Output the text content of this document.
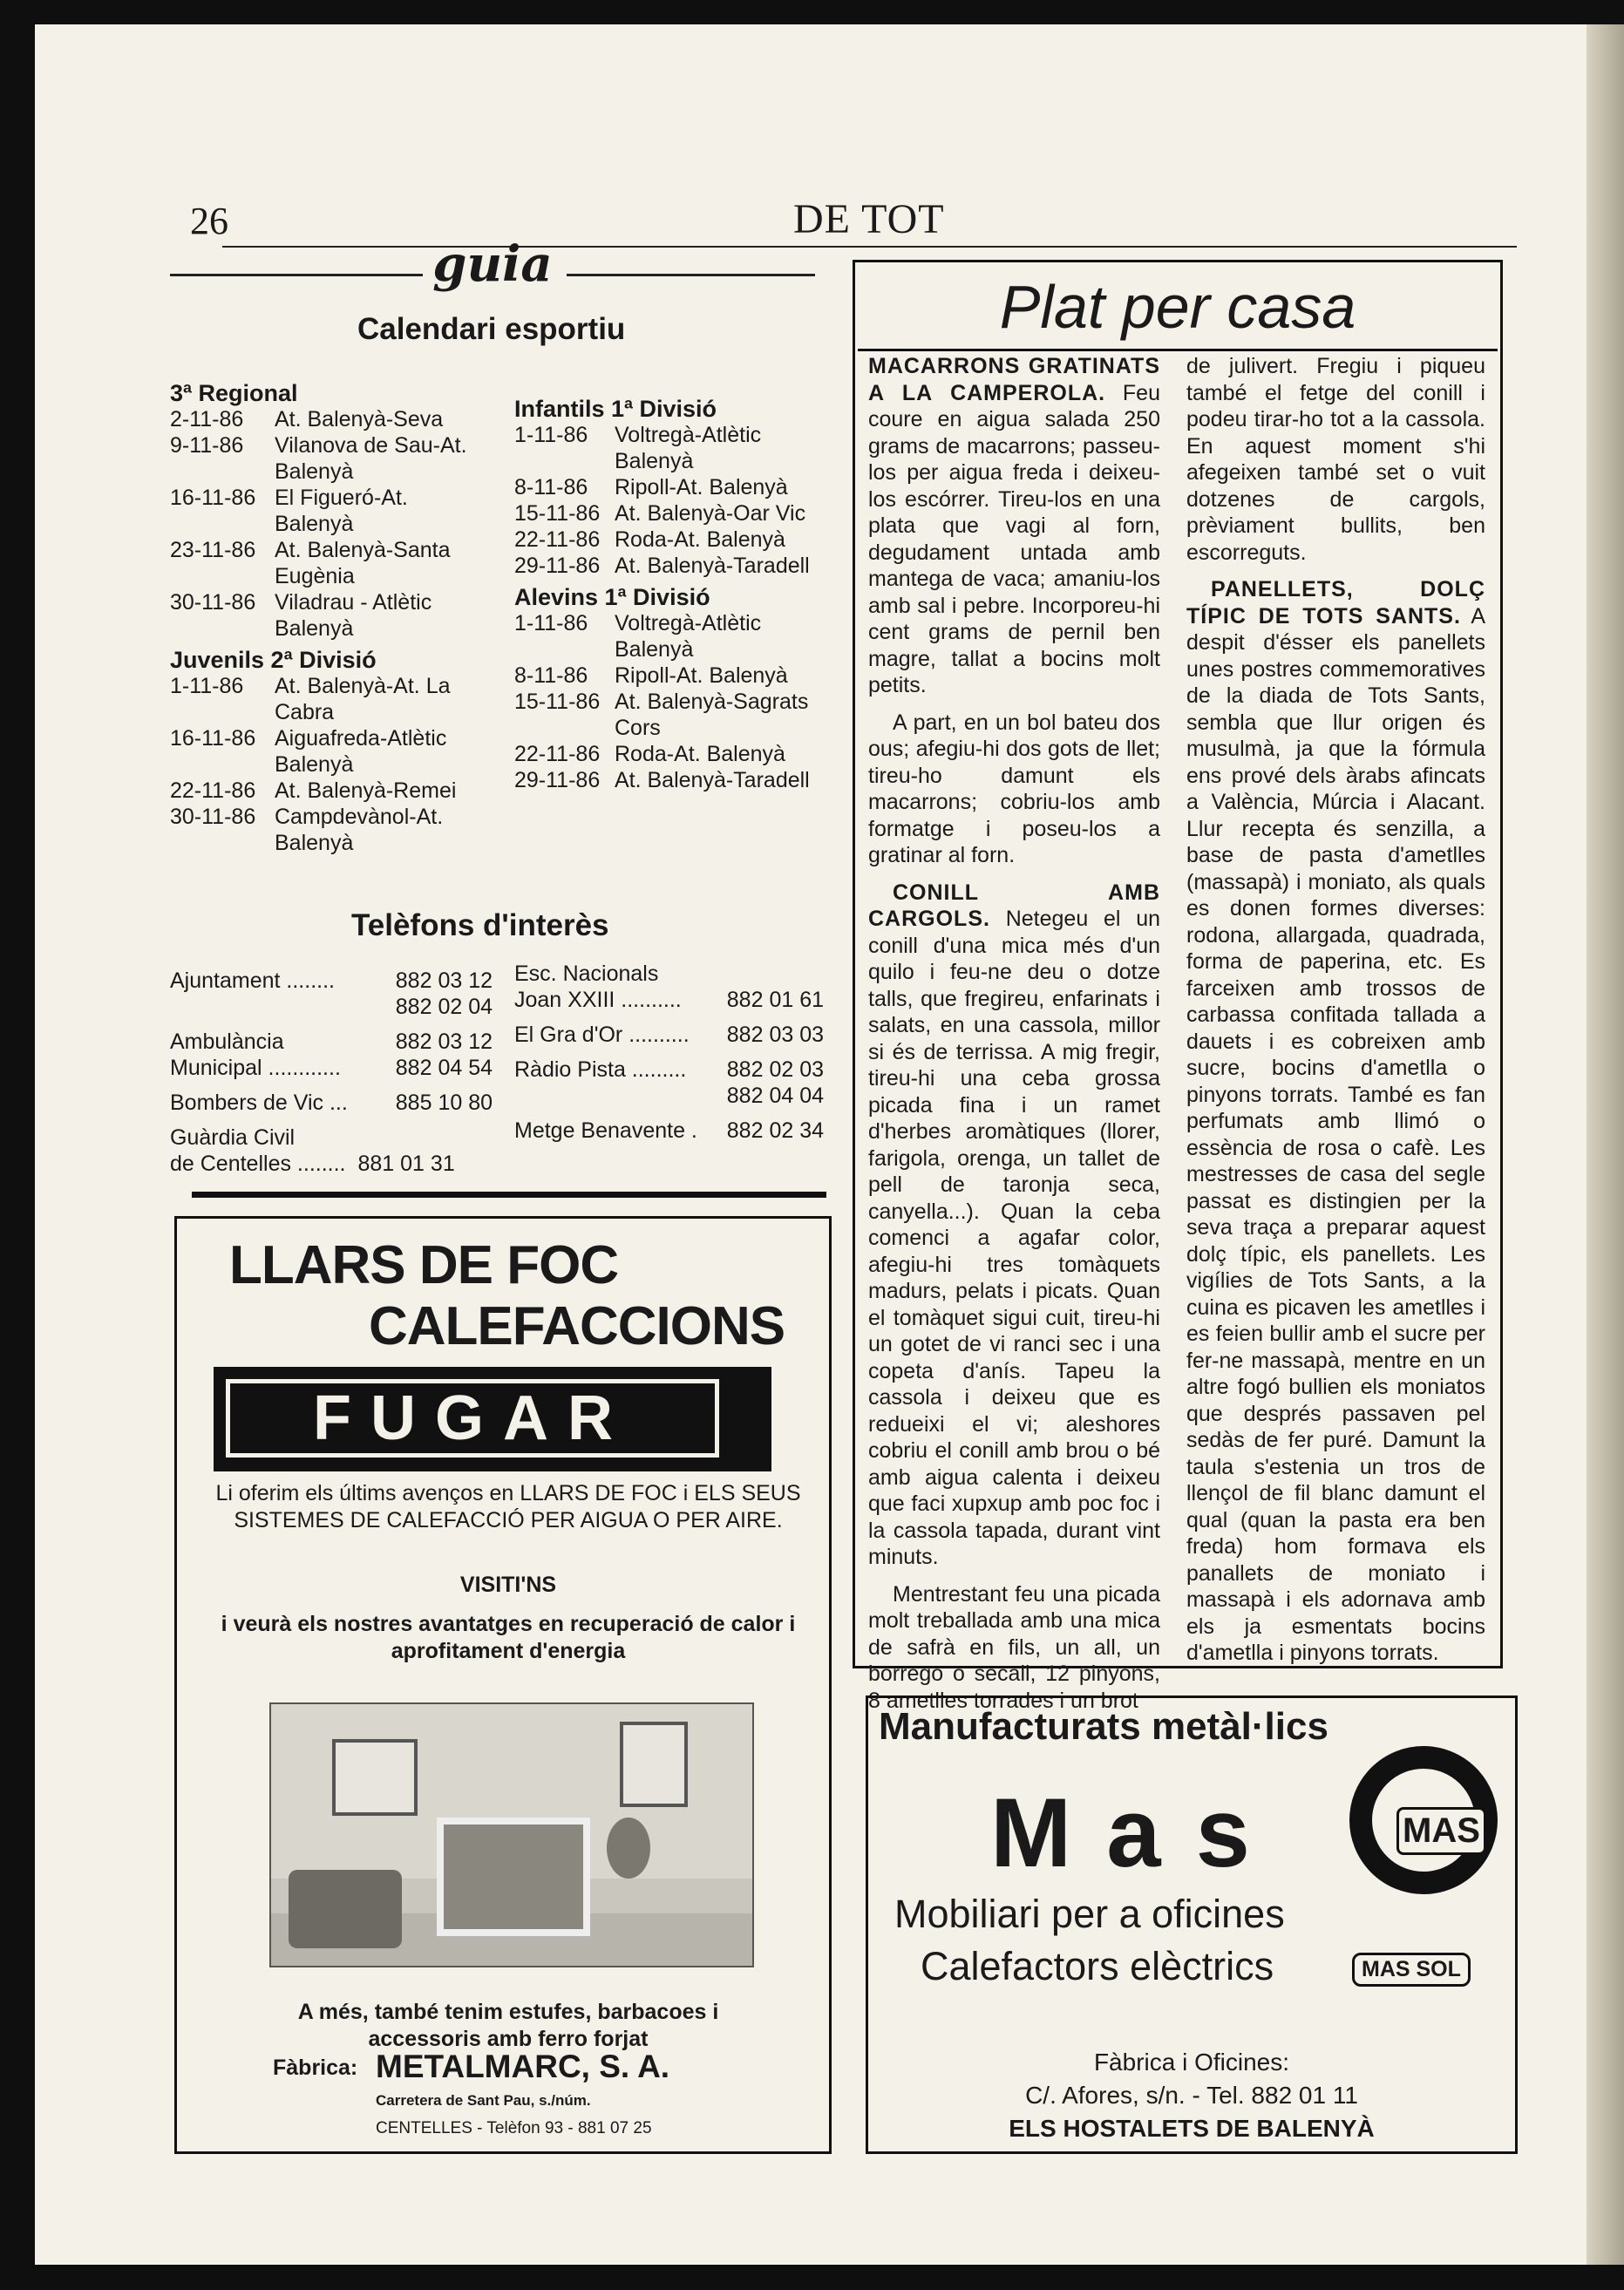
26	DE TOT
guia
Calendari esportiu
3ª Regional
2-11-86	At. Balenyà-Seva
9-11-86	Vilanova de Sau-At. Balenyà
16-11-86 El Figueró-At. Balenyà
23-11-86 At. Balenyà-Santa Eugènia
30-11-86 Viladrau - Atlètic Balenyà
Juvenils 2ª Divisió
1-11-86	At. Balenyà-At. La Cabra
16-11-86 Aiguafreda-Atlètic Balenyà
22-11-86 At. Balenyà-Remei
30-11-86 Campdevànol-At. Balenyà
Infantils 1ª Divisió
1-11-86	Voltregà-Atlètic Balenyà
8-11-86	Ripoll-At. Balenyà
15-11-86 At. Balenyà-Oar Vic
22-11-86 Roda-At. Balenyà
29-11-86 At. Balenyà-Taradell
Alevins 1ª Divisió
1-11-86	Voltregà-Atlètic Balenyà
8-11-86	Ripoll-At. Balenyà
15-11-86 At. Balenyà-Sagrats Cors
22-11-86 Roda-At. Balenyà
29-11-86 At. Balenyà-Taradell
Telèfons d'interès
Ajuntament ........	882 03 12
882 02 04
Ambulància	882 03 12
Municipal ............	882 04 54
Bombers de Vic ... 885 10 80
Guàrdia Civil
de Centelles ........ 881 01 31
Esc. Nacionals
Joan XXIII .......... 882 01 61
El Gra d'Or .......... 882 03 03
Ràdio Pista ......... 882 02 03
882 04 04
Metge Benavente . 882 02 34
LLARS DE FOC
CALEFACCIONS
FUGAR
Li oferim els últims avenços en LLARS DE FOC i ELS SEUS SISTEMES DE CALEFACCIÓ PER AIGUA O PER AIRE.
VISITI'NS
i veurà els nostres avantatges en recuperació de calor i aprofitament d'energia
A més, també tenim estufes, barbacoes i accessoris amb ferro forjat
Fàbrica: METALMARC, S. A.
Carretera de Sant Pau, s./núm.
CENTELLES - Telèfon 93 - 881 07 25
Plat per casa

MACARRONS GRATINATS A LA CAMPEROLA. Feu coure en aigua salada 250 grams de macarrons; passeu-los per aigua freda i deixeu-los escórrer. Tireu-los en una plata que vagi al forn, degudament untada amb mantega de vaca; amaniu-los amb sal i pebre. Incorporeu-hi cent grams de pernil ben magre, tallat a bocins molt petits.

A part, en un bol bateu dos ous; afegiu-hi dos gots de llet; tireu-ho damunt els macarrons; cobriu-los amb formatge i poseu-los a gratinar al forn.

CONILL AMB CARGOLS. Netegeu el un conill d'una mica més d'un quilo i feu-ne deu o dotze talls, que fregireu, enfarinats i salats, en una cassola, millor si és de terrissa. A mig fregir, tireu-hi una ceba grossa picada fina i un ramet d'herbes aromàtiques (llorer, farigola, orenga, un tallet de pell de taronja seca, canyella...). Quan la ceba comenci a agafar color, afegiu-hi tres tomàquets madurs, pelats i picats. Quan el tomàquet sigui cuit, tireu-hi un gotet de vi ranci sec i una copeta d'anís. Tapeu la cassola i deixeu que es redueixi el vi; aleshores cobriu el conill amb brou o bé amb aigua calenta i deixeu que faci xupxup amb poc foc i la cassola tapada, durant vint minuts.

Mentrestant feu una picada molt treballada amb una mica de safrà en fils, un all, un borrego o secall, 12 pinyons, 8 ametlles torrades i un brot

de julivert. Fregiu i piqueu també el fetge del conill i podeu tirar-ho tot a la cassola. En aquest moment s'hi afegeixen també set o vuit dotzenes de cargols, prèviament bullits, ben escorreguts.

PANELLETS, DOLÇ TÍPIC DE TOTS SANTS. A despit d'ésser els panellets unes postres commemoratives de la diada de Tots Sants, sembla que llur origen és musulmà, ja que la fórmula ens prové dels àrabs afincats a València, Múrcia i Alacant. Llur recepta és senzilla, a base de pasta d'ametlles (massapà) i moniato, als quals es donen formes diverses: rodona, allargada, quadrada, forma de paperina, etc. Es farceixen amb trossos de carbassa confitada tallada a dauets i es cobreixen amb sucre, bocins d'ametlla o pinyons torrats. També es fan perfumats amb llimó o essència de rosa o cafè. Les mestresses de casa del segle passat es distingien per la seva traça a preparar aquest dolç típic, els panellets. Les vigílies de Tots Sants, a la cuina es picaven les ametlles i es feien bullir amb el sucre per fer-ne massapà, mentre en un altre fogó bullien els moniatos que després passaven pel sedàs de fer puré. Damunt la taula s'estenia un tros de llençol de fil blanc damunt el qual (quan la pasta era ben freda) hom formava els panallets de moniato i massapà i els adornava amb els ja esmentats bocins d'ametlla i pinyons torrats.

Manufacturats metàl·lics
Mas	MAS
Mobiliari per a oficines
Calefactors elèctrics	MAS SOL
Fàbrica i Oficines:
C/. Afores, s/n. - Tel. 882 01 11
ELS HOSTALETS DE BALENYÀ
